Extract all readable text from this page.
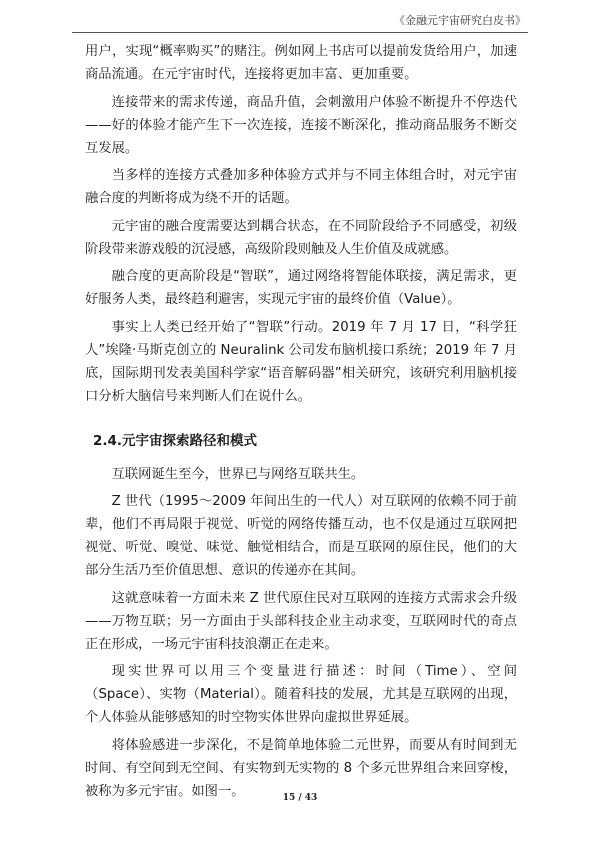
《金融元宇宙研究白皮书》

用户，实现“概率购买”的赌注。例如网上书店可以提前发货给用户，加速商品流通。在元宇宙时代，连接将更加丰富、更加重要。

连接带来的需求传递，商品升值，会刺激用户体验不断提升不停迭代——好的体验才能产生下一次连接，连接不断深化，推动商品服务不断交互发展。

当多样的连接方式叠加多种体验方式并与不同主体组合时，对元宇宙融合度的判断将成为绕不开的话题。

元宇宙的融合度需要达到耦合状态，在不同阶段给予不同感受，初级阶段带来游戏般的沉浸感，高级阶段则触及人生价值及成就感。

融合度的更高阶段是“智联”，通过网络将智能体联接，满足需求，更好服务人类，最终趋利避害，实现元宇宙的最终价值（Value）。

事实上人类已经开始了“智联”行动。2019 年 7 月 17 日，“科学狂人”埃隆·马斯克创立的 Neuralink 公司发布脑机接口系统；2019 年 7 月底，国际期刊发表美国科学家“语音解码器”相关研究，该研究利用脑机接口分析大脑信号来判断人们在说什么。

2.4.元宇宙探索路径和模式

互联网诞生至今，世界已与网络互联共生。

Z 世代（1995～2009 年间出生的一代人）对互联网的依赖不同于前辈，他们不再局限于视觉、听觉的网络传播互动，也不仅是通过互联网把视觉、听觉、嗅觉、味觉、触觉相结合，而是互联网的原住民，他们的大部分生活乃至价值思想、意识的传递亦在其间。

这就意味着一方面未来 Z 世代原住民对互联网的连接方式需求会升级——万物互联；另一方面由于头部科技企业主动求变，互联网时代的奇点正在形成，一场元宇宙科技浪潮正在走来。

现实世界可以用三个变量进行描述：时间（Time）、空间（Space）、实物（Material）。随着科技的发展，尤其是互联网的出现，个人体验从能够感知的时空物实体世界向虚拟世界延展。

将体验感进一步深化，不是简单地体验二元世界，而要从有时间到无时间、有空间到无空间、有实物到无实物的 8 个多元世界组合来回穿梭，被称为多元宇宙。如图一。	15 / 43
